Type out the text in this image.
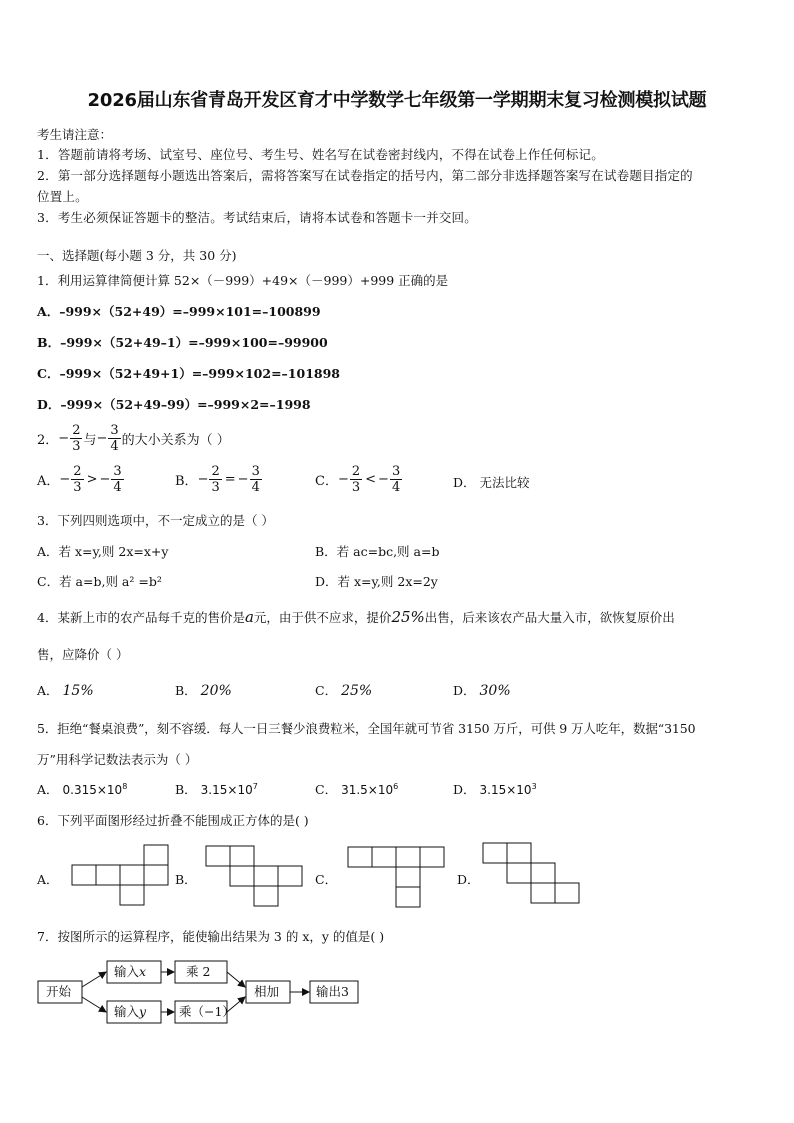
2026届山东省青岛开发区育才中学数学七年级第一学期期末复习检测模拟试题
考生请注意：
1．答题前请将考场、试室号、座位号、考生号、姓名写在试卷密封线内，不得在试卷上作任何标记。
2．第一部分选择题每小题选出答案后，需将答案写在试卷指定的括号内，第二部分非选择题答案写在试卷题目指定的
位置上。
3．考生必须保证答题卡的整洁。考试结束后，请将本试卷和答题卡一并交回。
一、选择题(每小题 3 分，共 30 分)
1．利用运算律简便计算 52×（－999）+49×（－999）+999 正确的是
A．–999×（52+49）=–999×101=–100899
B．–999×（52+49–1）=–999×100=–99900
C．–999×（52+49+1）=–999×102=–101898
D．–999×（52+49–99）=–999×2=–1998
2．− $\frac{2}{3}$ 与− $\frac{3}{4}$ 的大小关系为（ ）
A．− $\frac{2}{3}$ > − $\frac{3}{4}$	B．− $\frac{2}{3}$ = − $\frac{3}{4}$	C．− $\frac{2}{3}$ < − $\frac{3}{4}$	D． 无法比较
3．下列四则选项中，不一定成立的是（ ）
A．若 x=y,则 2x=x+y	B．若 ac=bc,则 a=b
C．若 a=b,则 a² =b²	D．若 x=y,则 2x=2y
4．某新上市的农产品每千克的售价是a元，由于供不应求，提价25%出售，后来该农产品大量入市，欲恢复原价出
售，应降价（ ）
A． 15%	B． 20%	C． 25%	D． 30%
5．拒绝“餐桌浪费”，刻不容缓．每人一日三餐少浪费粒米，全国年就可节省 3150 万斤，可供 9 万人吃年，数据“3150
万”用科学记数法表示为（ ）
A． $0.315\times 10^8$	B． $3.15\times 10^7$	C． $31.5\times 10^6$	D． $3.15\times 10^3$
6．下列平面图形经过折叠不能围成正方体的是( )
A．	B．	C．	D．
开始
输入x
输入y
乘 2
乘（−1）
相加	输出3
7．按图所示的运算程序，能使输出结果为 3 的 x，y 的值是( )
